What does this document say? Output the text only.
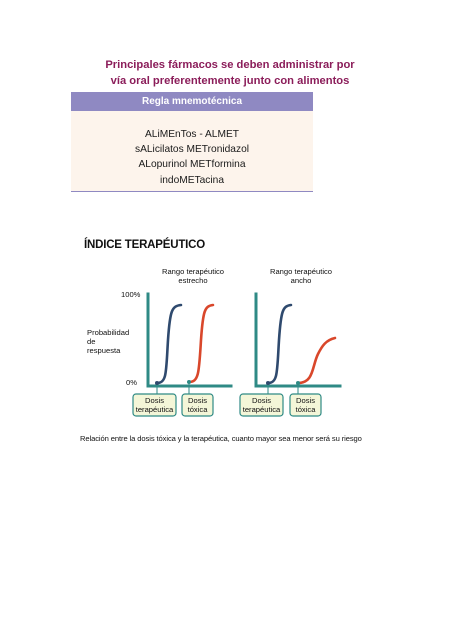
Principales fármacos se deben administrar por
vía oral preferentemente junto con alimentos
Regla mnemotécnica
ALiMEnTos - ALMET
sALicilatos METronidazol
ALopurinol METformina
indoMETacina
ÍNDICE TERAPÉUTICO
Rango terapéutico
estrecho
Rango terapéutico
ancho
100%
0%
Probabilidad
de
respuesta
Dosis
terapéutica
Dosis
tóxica
Dosis
terapéutica
Dosis
tóxica
Relación entre la dosis tóxica y la terapéutica, cuanto mayor sea menor será su riesgo
